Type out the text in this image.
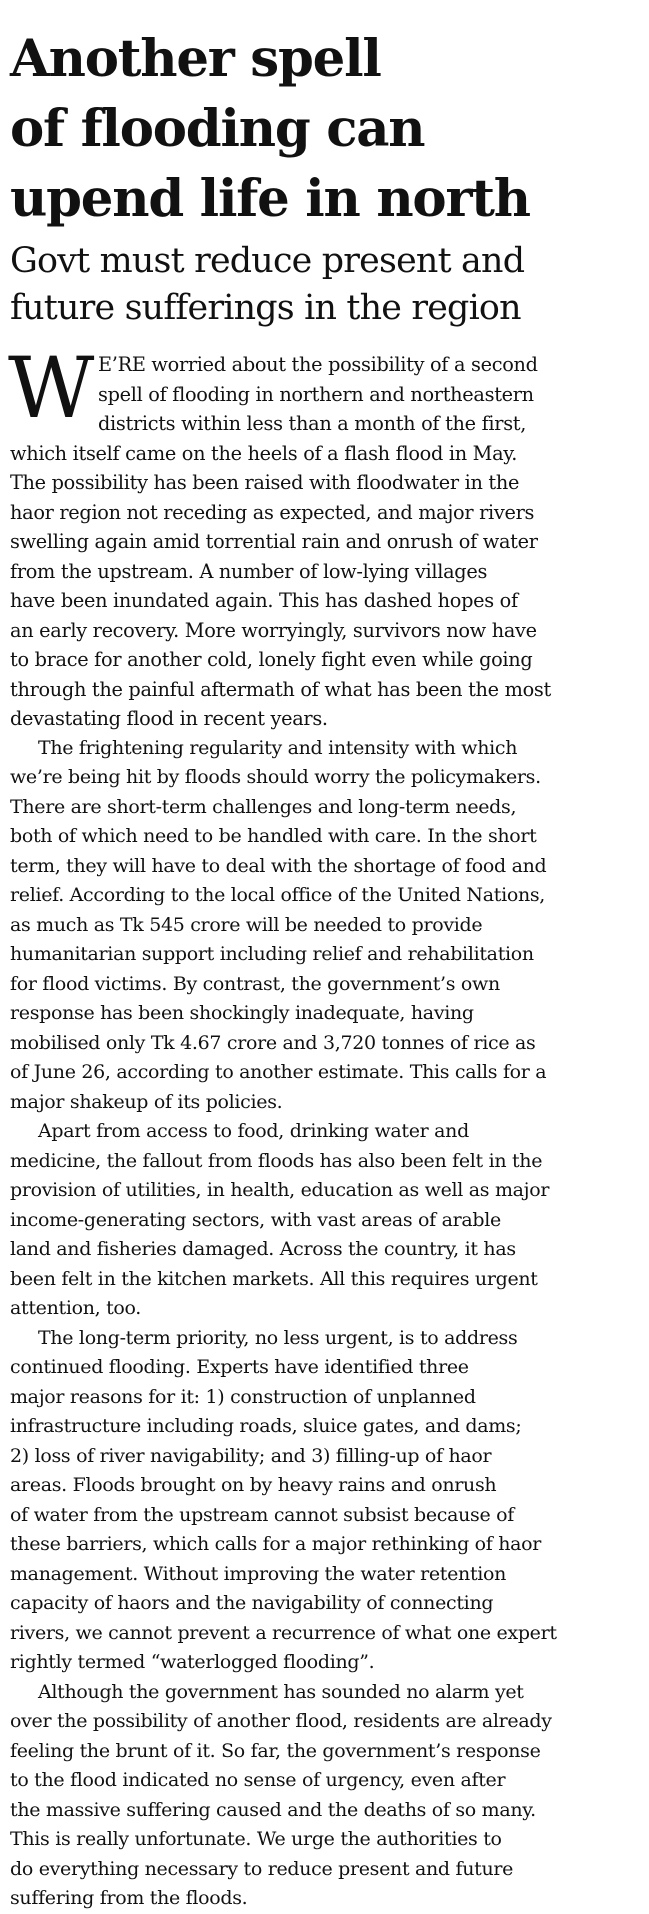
Another spell
of flooding can
upend life in north
Govt must reduce present and
future sufferings in the region

W E’RE worried about the possibility of a second
spell of flooding in northern and northeastern
districts within less than a month of the first,
which itself came on the heels of a flash flood in May.
The possibility has been raised with floodwater in the
haor region not receding as expected, and major rivers
swelling again amid torrential rain and onrush of water
from the upstream. A number of low-lying villages
have been inundated again. This has dashed hopes of
an early recovery. More worryingly, survivors now have
to brace for another cold, lonely fight even while going
through the painful aftermath of what has been the most
devastating flood in recent years.

The frightening regularity and intensity with which
we’re being hit by floods should worry the policymakers.
There are short-term challenges and long-term needs,
both of which need to be handled with care. In the short
term, they will have to deal with the shortage of food and
relief. According to the local office of the United Nations,
as much as Tk 545 crore will be needed to provide
humanitarian support including relief and rehabilitation
for flood victims. By contrast, the government’s own
response has been shockingly inadequate, having
mobilised only Tk 4.67 crore and 3,720 tonnes of rice as
of June 26, according to another estimate. This calls for a
major shakeup of its policies.

Apart from access to food, drinking water and
medicine, the fallout from floods has also been felt in the
provision of utilities, in health, education as well as major
income-generating sectors, with vast areas of arable
land and fisheries damaged. Across the country, it has
been felt in the kitchen markets. All this requires urgent
attention, too.

The long-term priority, no less urgent, is to address
continued flooding. Experts have identified three
major reasons for it: 1) construction of unplanned
infrastructure including roads, sluice gates, and dams;
2) loss of river navigability; and 3) filling-up of haor
areas. Floods brought on by heavy rains and onrush
of water from the upstream cannot subsist because of
these barriers, which calls for a major rethinking of haor
management. Without improving the water retention
capacity of haors and the navigability of connecting
rivers, we cannot prevent a recurrence of what one expert
rightly termed “waterlogged flooding”.

Although the government has sounded no alarm yet
over the possibility of another flood, residents are already
feeling the brunt of it. So far, the government’s response
to the flood indicated no sense of urgency, even after
the massive suffering caused and the deaths of so many.
This is really unfortunate. We urge the authorities to
do everything necessary to reduce present and future
suffering from the floods.
